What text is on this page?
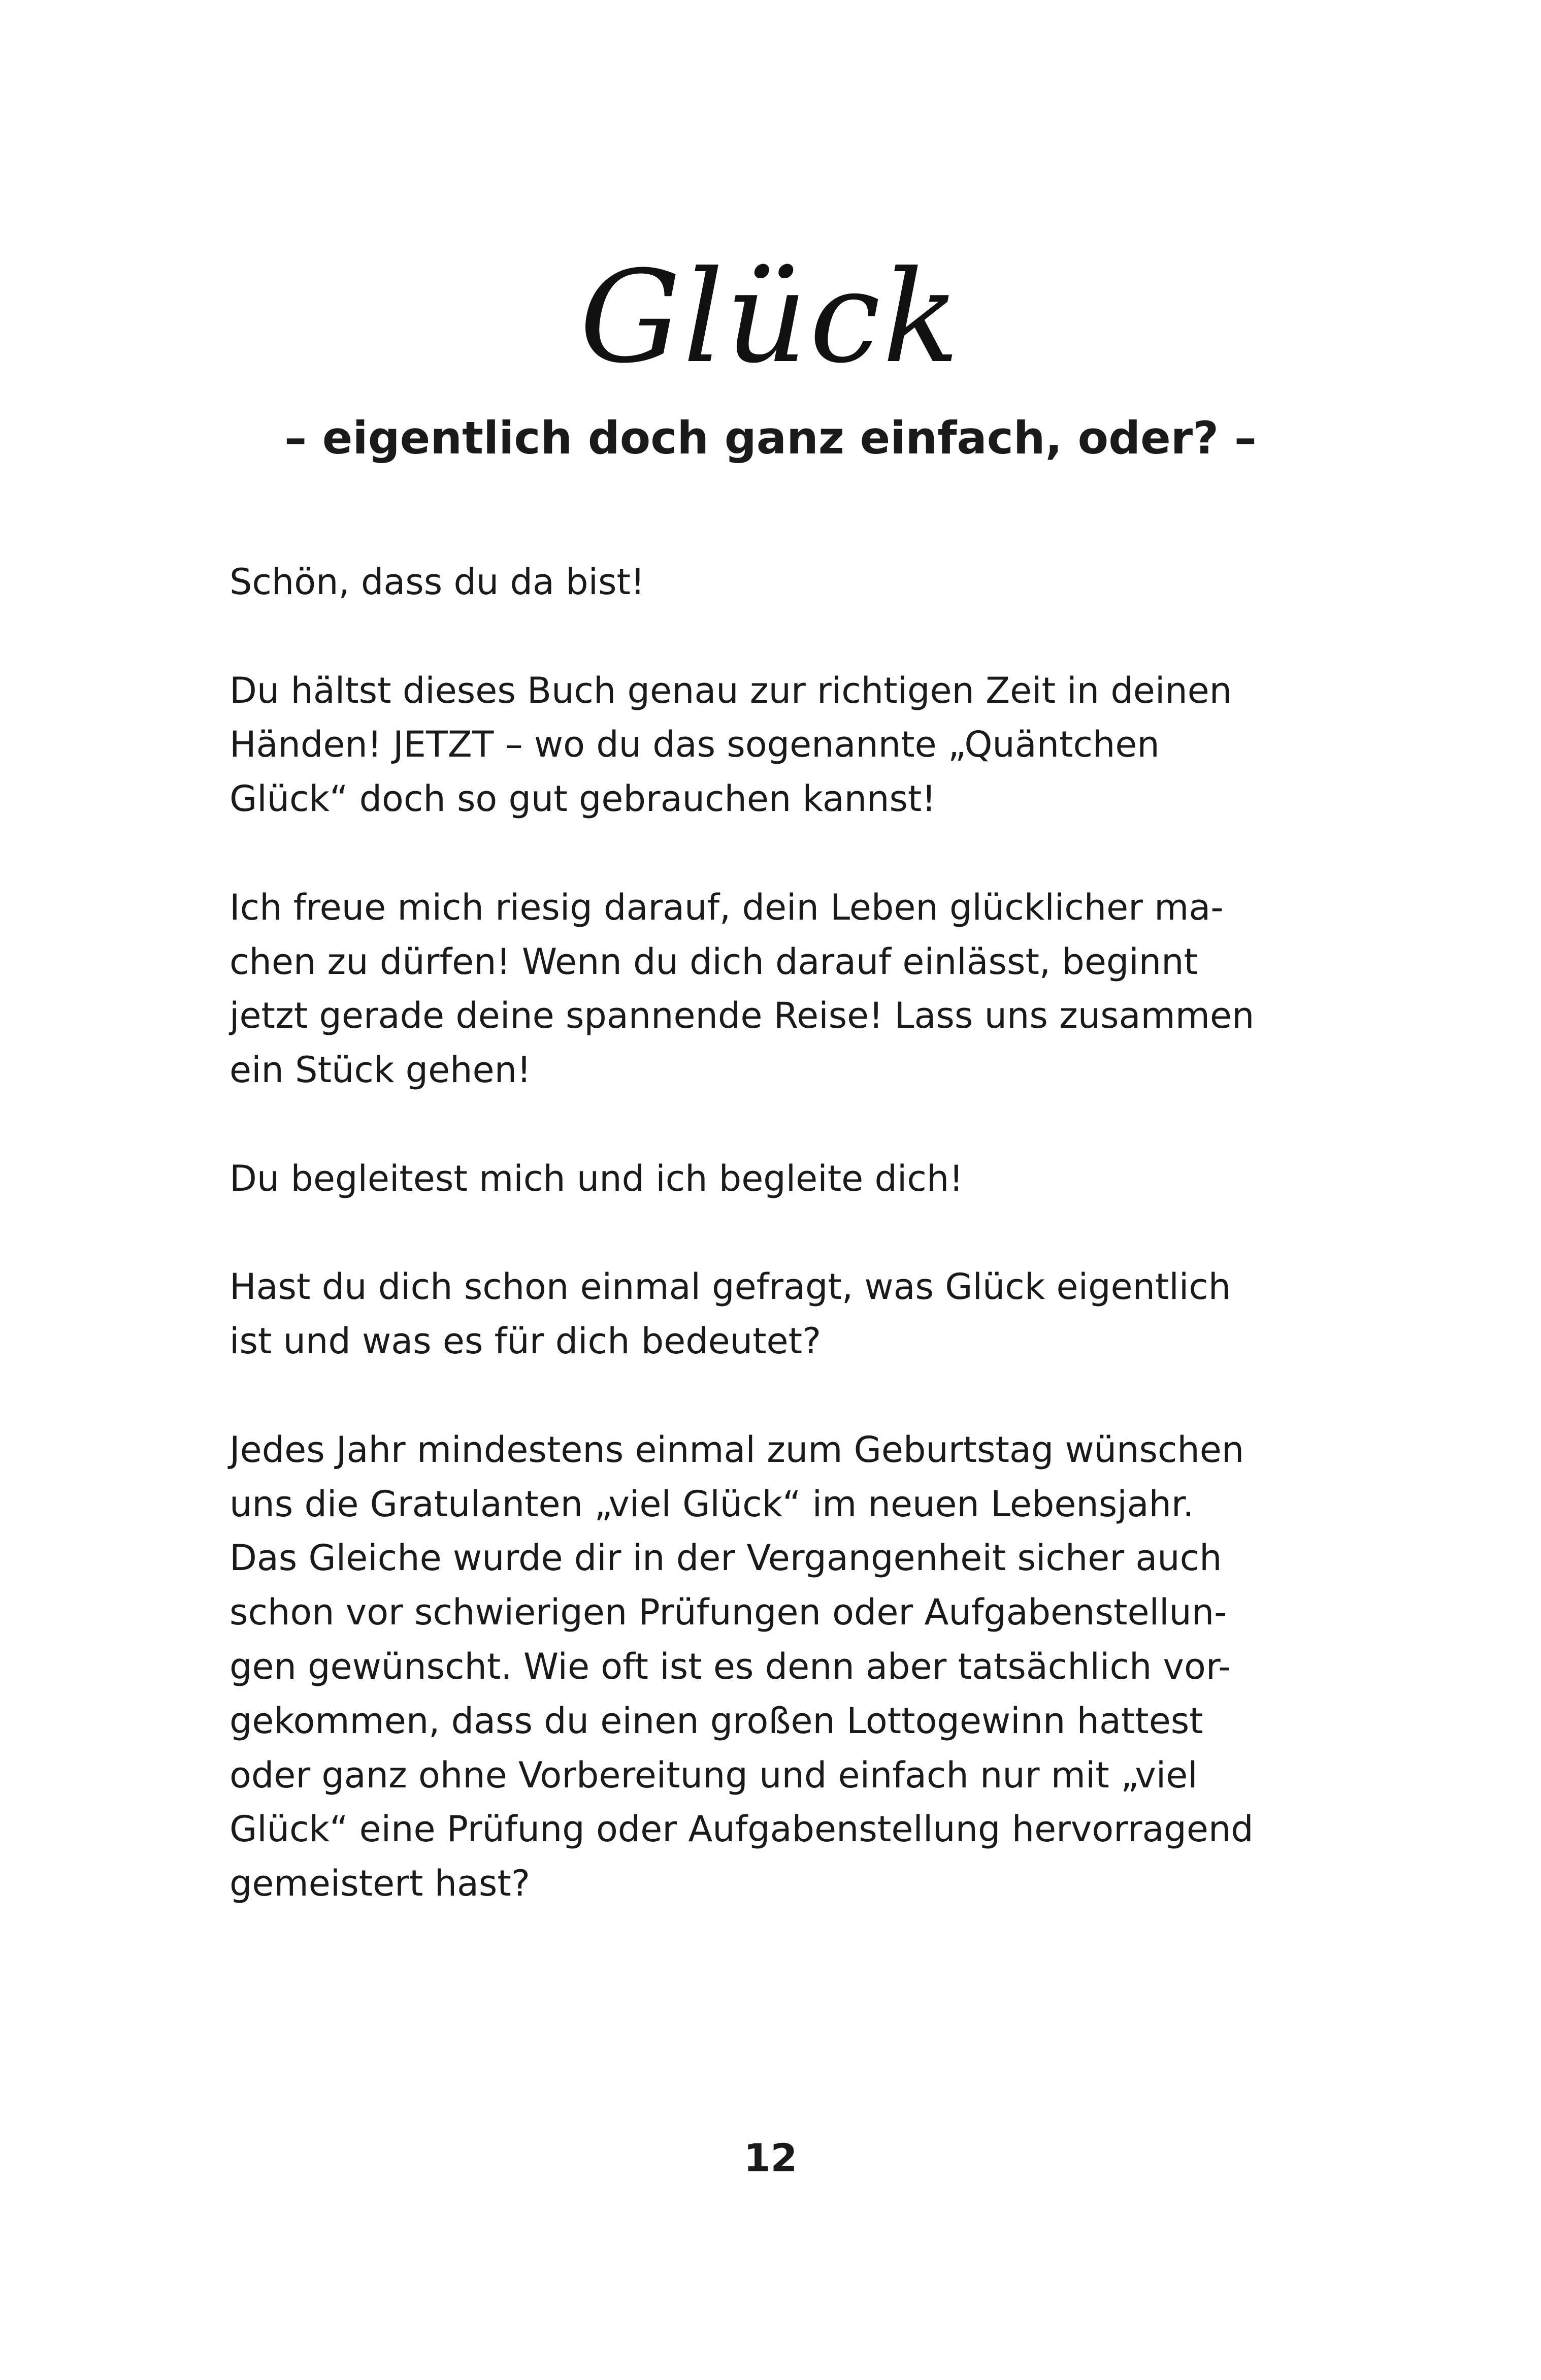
Glück
– eigentlich doch ganz einfach, oder? –

Schön, dass du da bist!

Du hältst dieses Buch genau zur richtigen Zeit in deinen
Händen! JETZT – wo du das sogenannte „Quäntchen
Glück“ doch so gut gebrauchen kannst!

Ich freue mich riesig darauf, dein Leben glücklicher ma-
chen zu dürfen! Wenn du dich darauf einlässt, beginnt
jetzt gerade deine spannende Reise! Lass uns zusammen
ein Stück gehen!

Du begleitest mich und ich begleite dich!

Hast du dich schon einmal gefragt, was Glück eigentlich
ist und was es für dich bedeutet?

Jedes Jahr mindestens einmal zum Geburtstag wünschen
uns die Gratulanten „viel Glück“ im neuen Lebensjahr.
Das Gleiche wurde dir in der Vergangenheit sicher auch
schon vor schwierigen Prüfungen oder Aufgabenstellun-
gen gewünscht. Wie oft ist es denn aber tatsächlich vor-
gekommen, dass du einen großen Lottogewinn hattest
oder ganz ohne Vorbereitung und einfach nur mit „viel
Glück“ eine Prüfung oder Aufgabenstellung hervorragend
gemeistert hast?

12
